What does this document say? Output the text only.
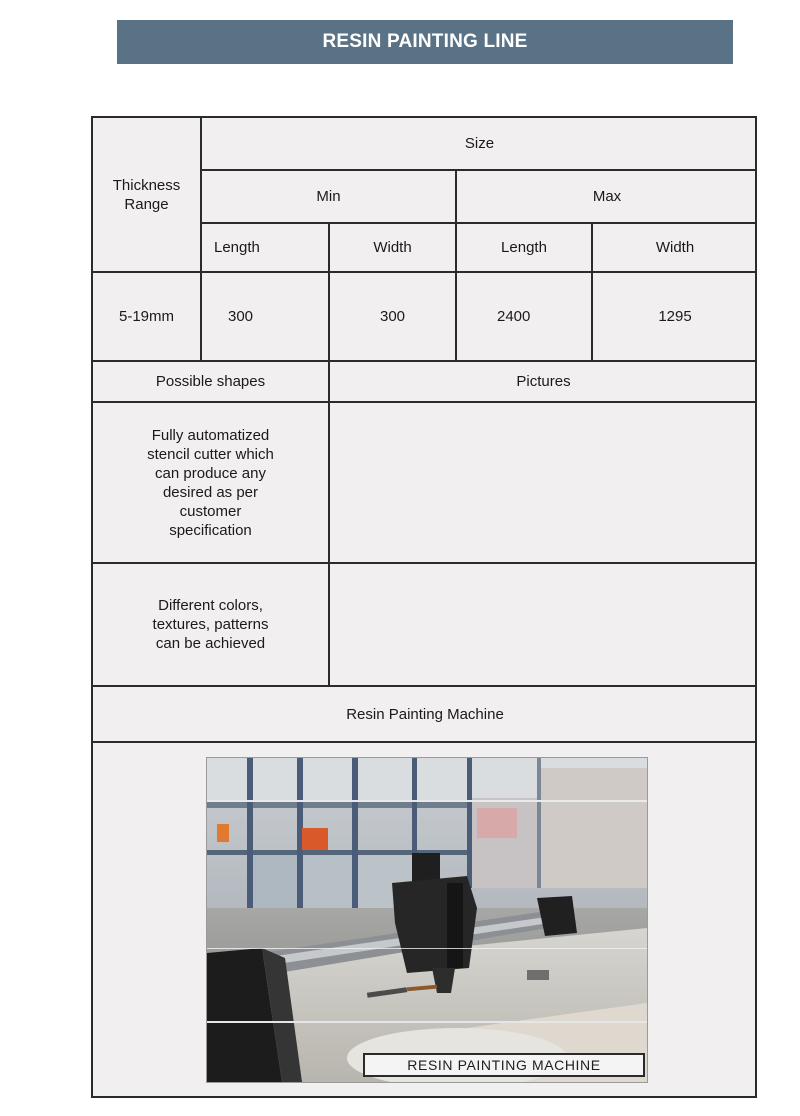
RESIN PAINTING LINE
Thickness
Range
Size
Min	Max
Length	Width	Length	Width
5-19mm	300	300	2400	1295
Possible shapes	Pictures
Fully automatized
stencil cutter which
can produce any
desired as per
customer
specification
Different colors,
textures, patterns
can be achieved
Resin Painting Machine
RESIN PAINTING MACHINE
